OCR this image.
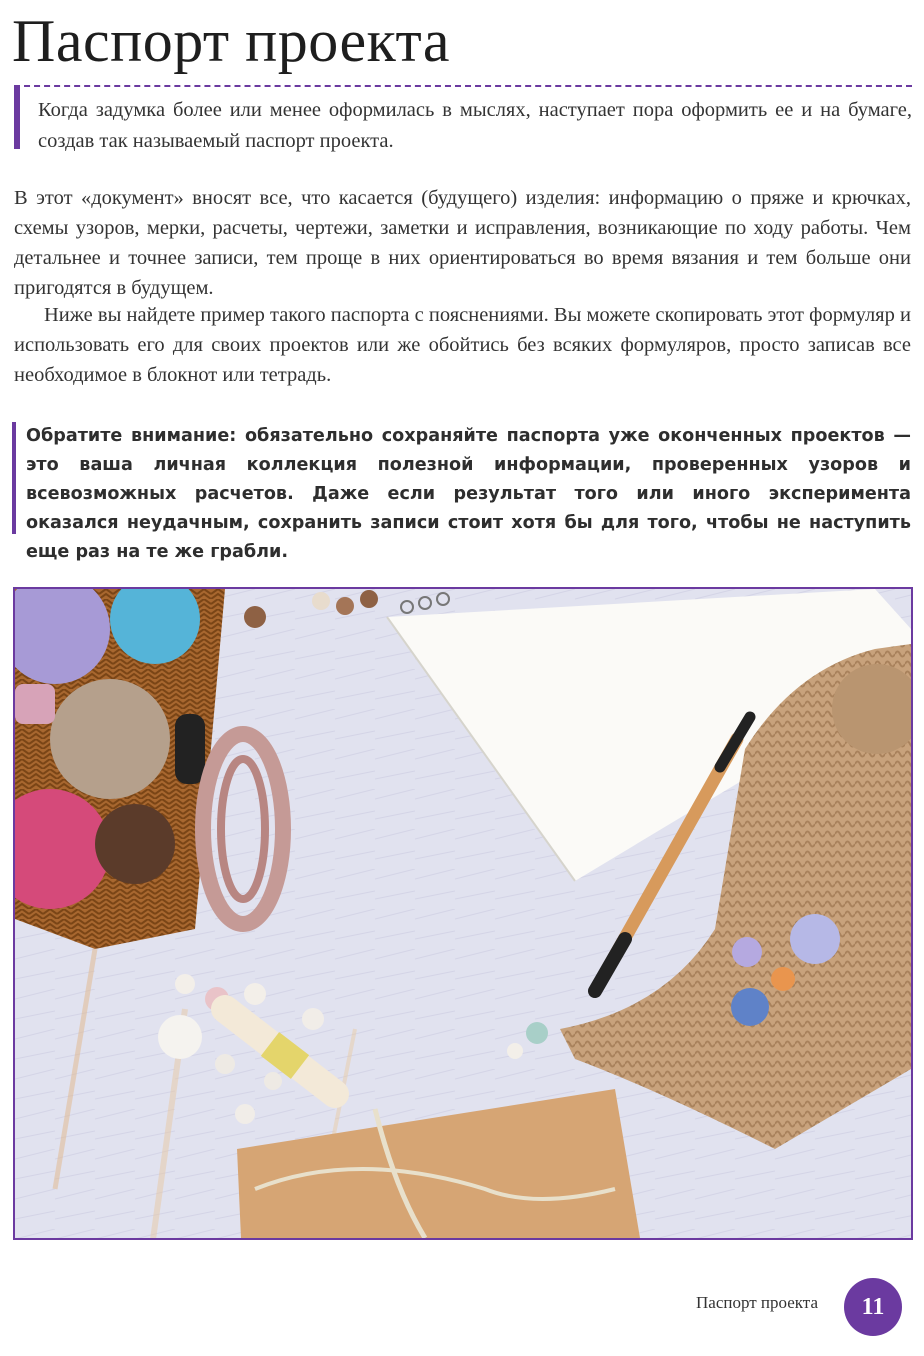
Паспорт проекта
Когда задумка более или менее оформилась в мыслях, наступает пора оформить ее и на бумаге, создав так называемый паспорт проекта.

В этот «документ» вносят все, что касается (будущего) изделия: информацию о пряже и крючках, схемы узоров, мерки, расчеты, чертежи, заметки и исправления, возникающие по ходу работы. Чем детальнее и точнее записи, тем проще в них ориентироваться во время вязания и тем больше они пригодятся в будущем.

Ниже вы найдете пример такого паспорта с пояснениями. Вы можете скопировать этот формуляр и использовать его для своих проектов или же обойтись без всяких формуляров, просто записав все необходимое в блокнот или тетрадь.

Обратите внимание: обязательно сохраняйте паспорта уже оконченных проектов — это ваша личная коллекция полезной информации, проверенных узоров и всевозможных расчетов. Даже если результат того или иного эксперимента оказался неудачным, сохранить записи стоит хотя бы для того, чтобы не наступить еще раз на те же грабли.
Паспорт проекта	11
